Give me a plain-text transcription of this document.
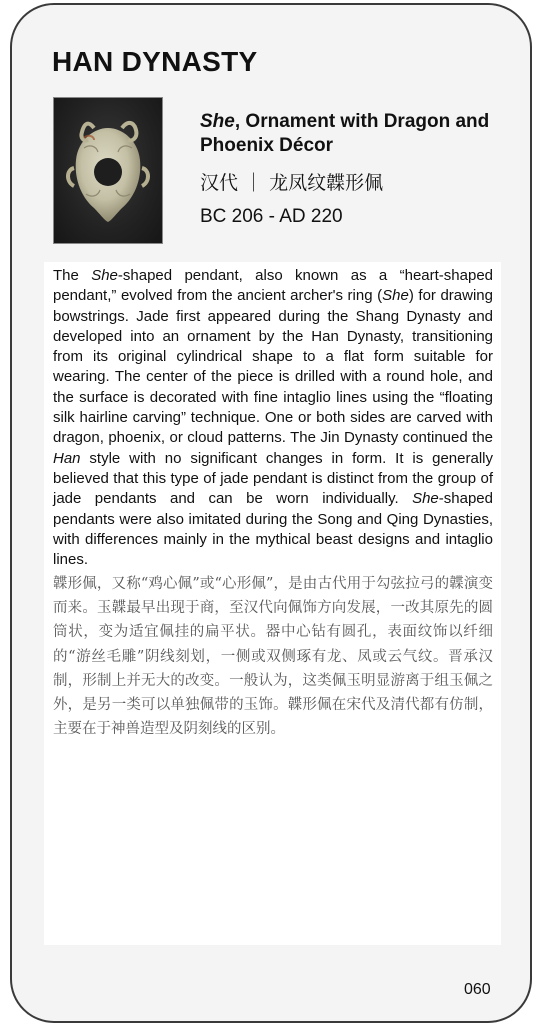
HAN DYNASTY
She, Ornament with Dragon and Phoenix Décor
汉代 ｜ 龙凤纹韘形佩
BC 206 - AD 220

The She-shaped pendant, also known as a “heart-shaped pendant,” evolved from the ancient archer's ring (She) for drawing bowstrings. Jade first appeared during the Shang Dynasty and developed into an ornament by the Han Dynasty, transitioning from its original cylindrical shape to a flat form suitable for wearing. The center of the piece is drilled with a round hole, and the surface is decorated with fine intaglio lines using the “floating silk hairline carving” technique. One or both sides are carved with dragon, phoenix, or cloud patterns. The Jin Dynasty continued the Han style with no significant changes in form. It is generally believed that this type of jade pendant is distinct from the group of jade pendants and can be worn individually. She-shaped pendants were also imitated during the Song and Qing Dynasties, with differences mainly in the mythical beast designs and intaglio lines.

韘形佩，又称“鸡心佩”或“心形佩”，是由古代用于勾弦拉弓的韘演变而来。玉韘最早出现于商，至汉代向佩饰方向发展，一改其原先的圆筒状，变为适宜佩挂的扁平状。器中心钻有圆孔，表面纹饰以纤细的“游丝毛雕”阴线刻划，一侧或双侧琢有龙、凤或云气纹。晋承汉制，形制上并无大的改变。一般认为，这类佩玉明显游离于组玉佩之外，是另一类可以单独佩带的玉饰。韘形佩在宋代及清代都有仿制，主要在于神兽造型及阴刻线的区别。

060
